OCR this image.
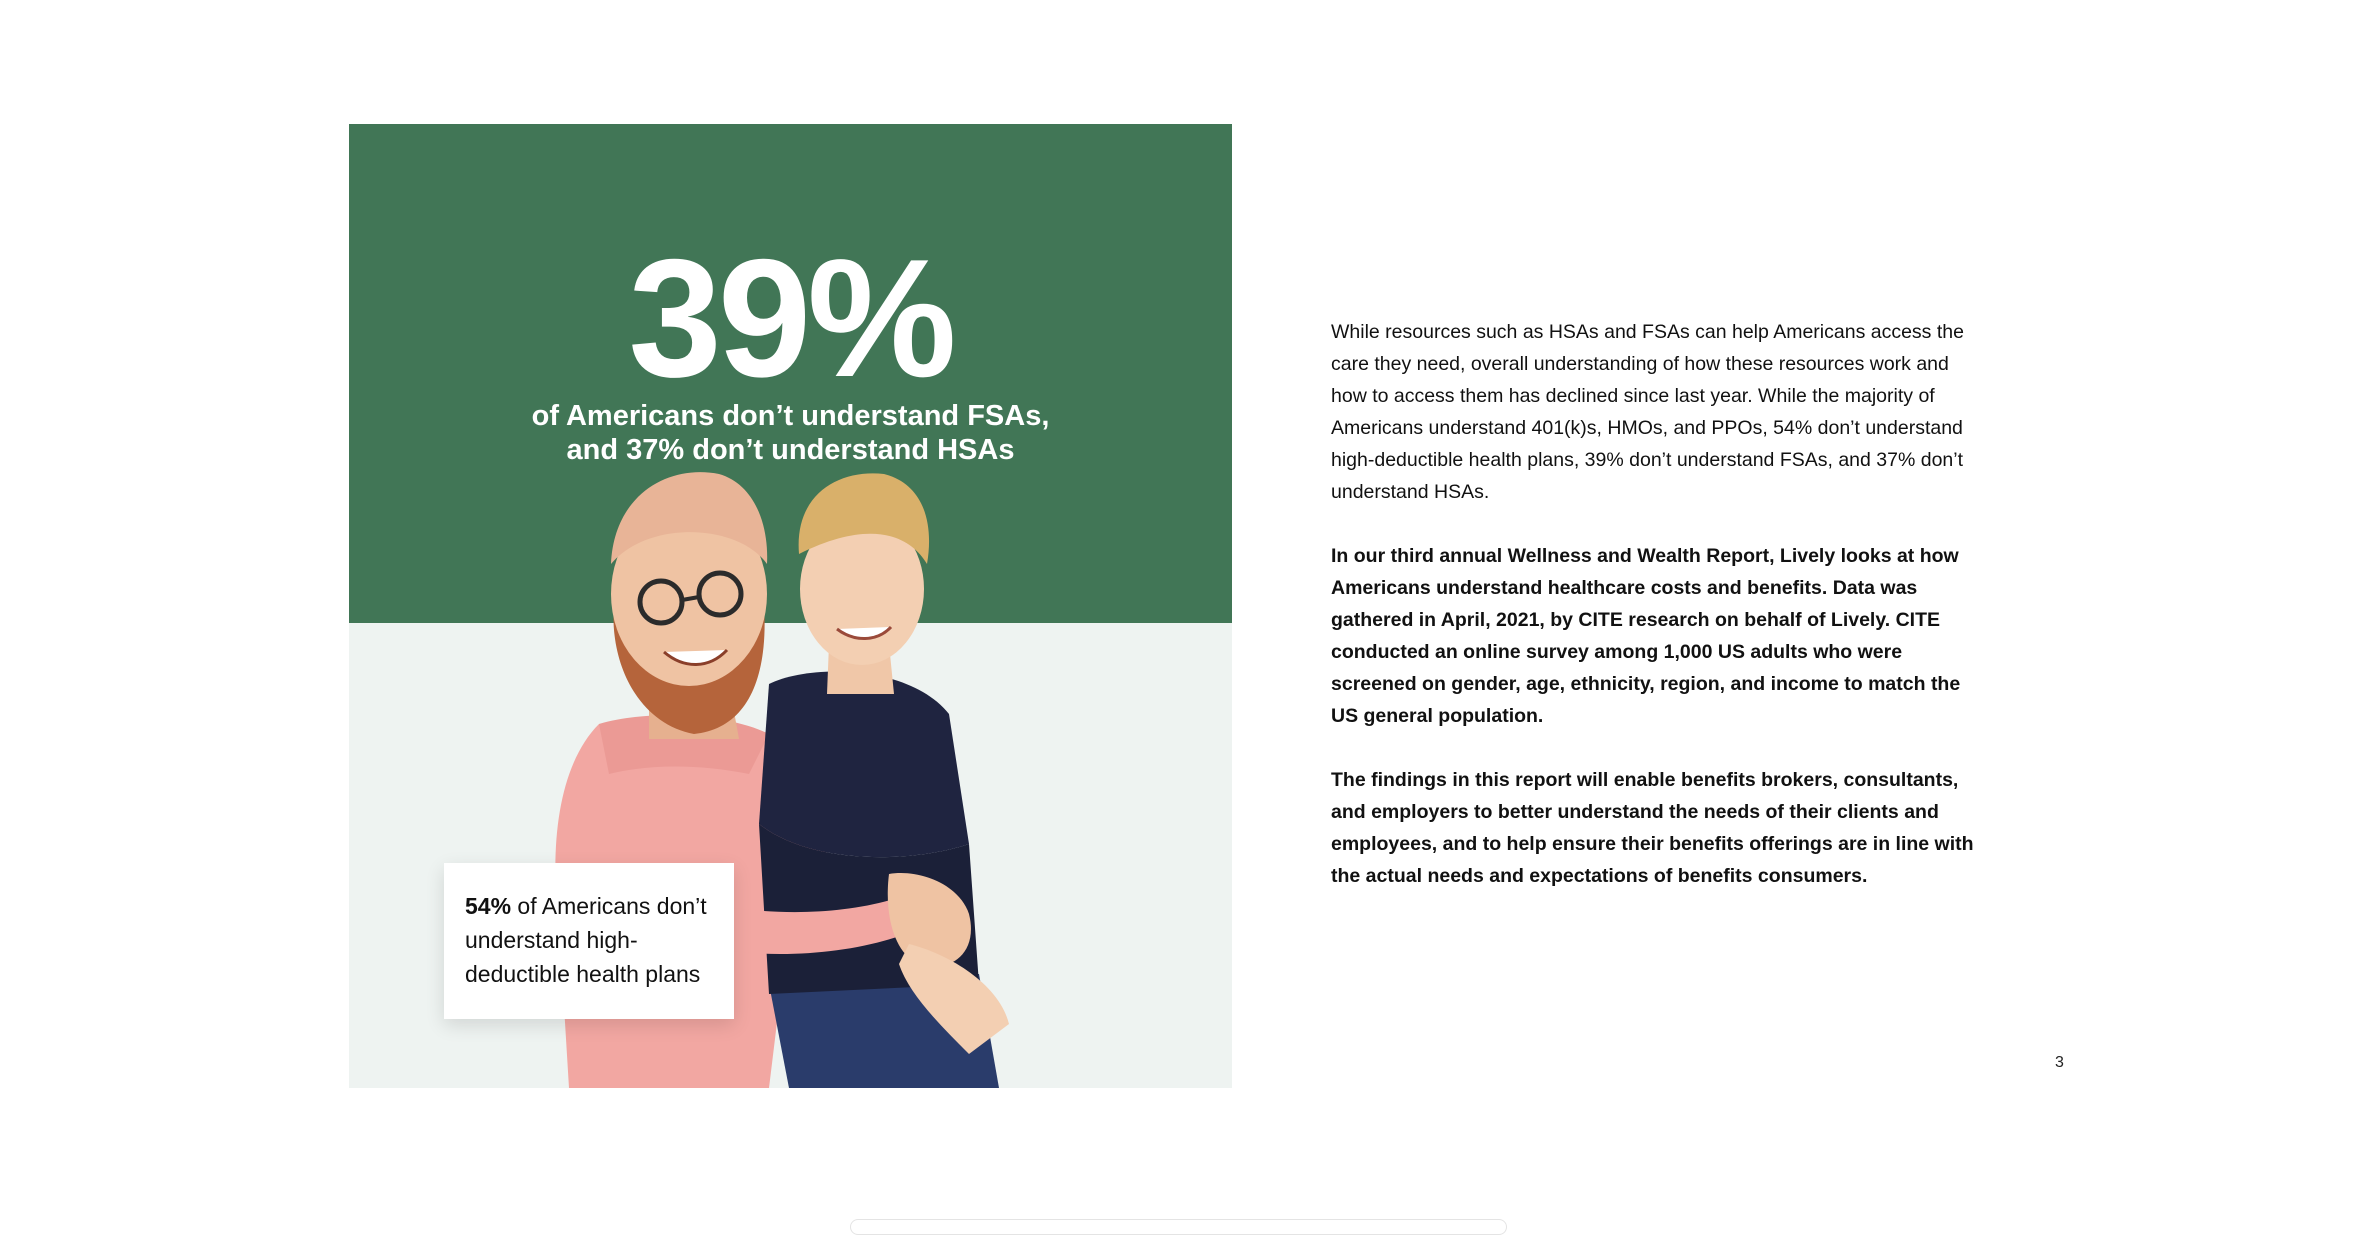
39%
of Americans don’t understand FSAs,
and 37% don’t understand HSAs
54% of Americans don’t understand high-deductible health plans

While resources such as HSAs and FSAs can help Americans access the care they need, overall understanding of how these resources work and how to access them has declined since last year. While the majority of Americans understand 401(k)s, HMOs, and PPOs, 54% don’t understand high-deductible health plans, 39% don’t understand FSAs, and 37% don’t understand HSAs.

In our third annual Wellness and Wealth Report, Lively looks at how Americans understand healthcare costs and benefits. Data was gathered in April, 2021, by CITE research on behalf of Lively. CITE conducted an online survey among 1,000 US adults who were screened on gender, age, ethnicity, region, and income to match the US general population.

The findings in this report will enable benefits brokers, consultants, and employers to better understand the needs of their clients and employees, and to help ensure their benefits offerings are in line with the actual needs and expectations of benefits consumers.

3
